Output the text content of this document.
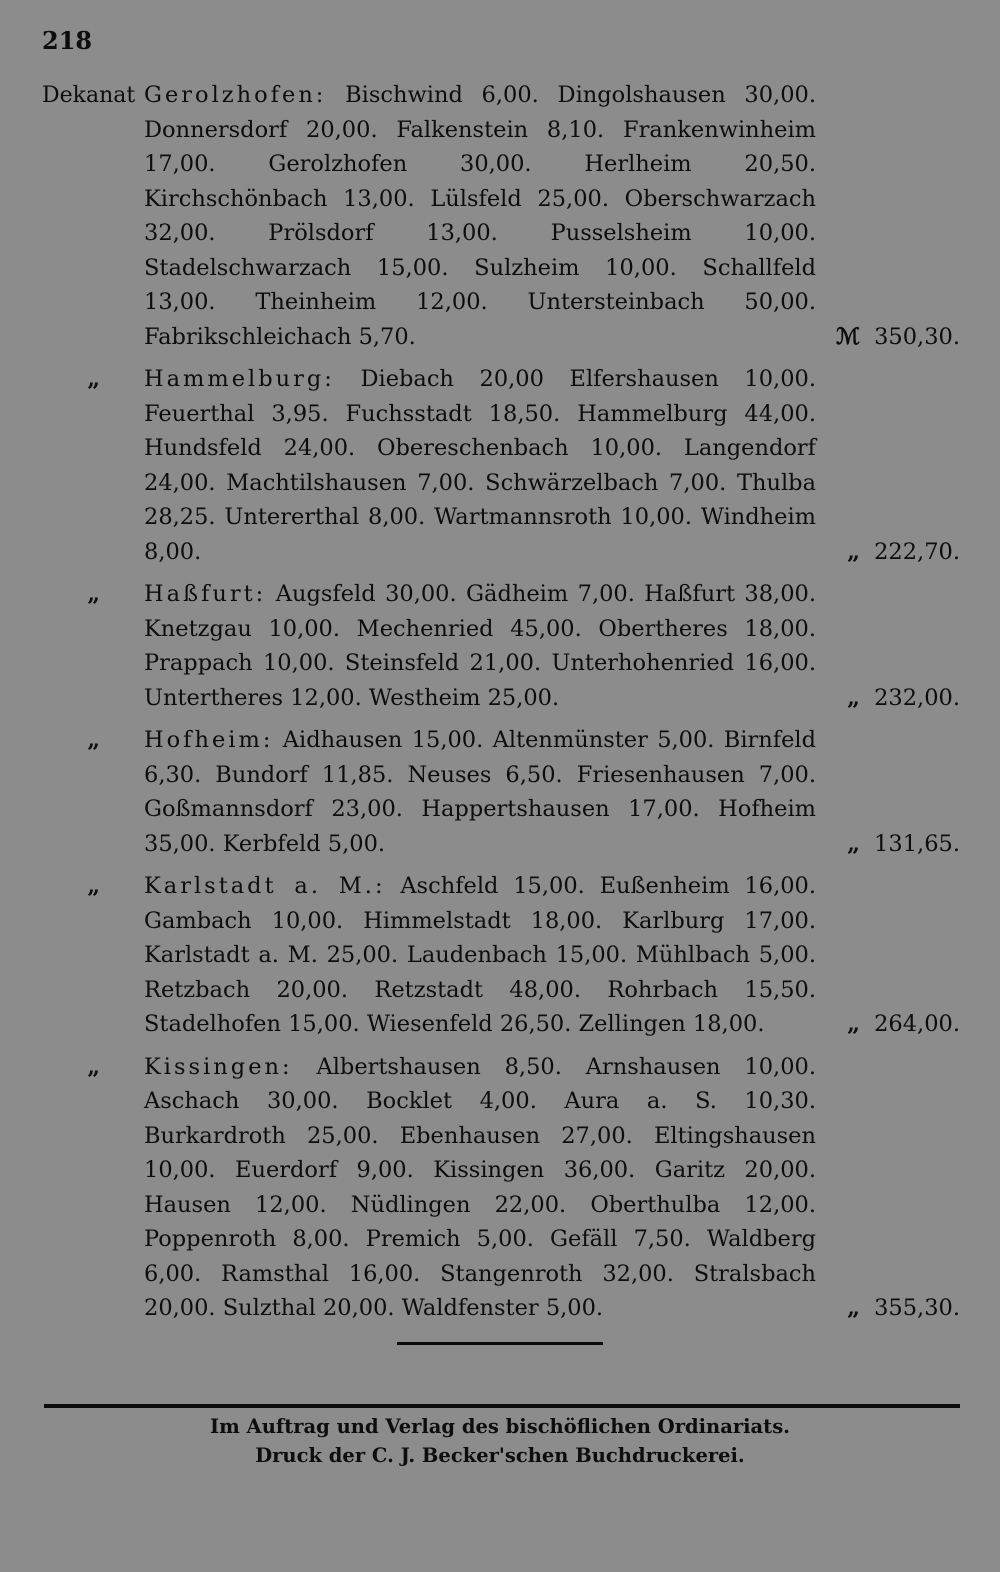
218
Dekanat Gerolzhofen: Bischwind 6,00. Dingolshausen 30,00. Donnersdorf 20,00. Falkenstein 8,10. Frankenwinheim 17,00. Gerolzhofen 30,00. Herlheim 20,50. Kirchschönbach 13,00. Lülsfeld 25,00. Oberschwarzach 32,00. Prölsdorf 13,00. Pusselsheim 10,00. Stadelschwarzach 15,00. Sulzheim 10,00. Schallfeld 13,00. Theinheim 12,00. Untersteinbach 50,00. Fabrikschleichach 5,70.	ℳ 350,30.
„	Hammelburg: Diebach 20,00 Elfershausen 10,00. Feuerthal 3,95. Fuchsstadt 18,50. Hammelburg 44,00. Hundsfeld 24,00. Obereschenbach 10,00. Langendorf 24,00. Machtilshausen 7,00. Schwärzelbach 7,00. Thulba 28,25. Untererthal 8,00. Wartmannsroth 10,00. Windheim 8,00.	„ 222,70.
„	Haßfurt: Augsfeld 30,00. Gädheim 7,00. Haßfurt 38,00. Knetzgau 10,00. Mechenried 45,00. Obertheres 18,00. Prappach 10,00. Steinsfeld 21,00. Unterhohenried 16,00. Untertheres 12,00. Westheim 25,00.	„ 232,00.
„	Hofheim: Aidhausen 15,00. Altenmünster 5,00. Birnfeld 6,30. Bundorf 11,85. Neuses 6,50. Friesenhausen 7,00. Goßmannsdorf 23,00. Happertshausen 17,00. Hofheim 35,00. Kerbfeld 5,00.	„ 131,65.
„	Karlstadt a. M.: Aschfeld 15,00. Eußenheim 16,00. Gambach 10,00. Himmelstadt 18,00. Karlburg 17,00. Karlstadt a. M. 25,00. Laudenbach 15,00. Mühlbach 5,00. Retzbach 20,00. Retzstadt 48,00. Rohrbach 15,50. Stadelhofen 15,00. Wiesenfeld 26,50. Zellingen 18,00.	„ 264,00.
„	Kissingen: Albertshausen 8,50. Arnshausen 10,00. Aschach 30,00. Bocklet 4,00. Aura a. S. 10,30. Burkardroth 25,00. Ebenhausen 27,00. Eltingshausen 10,00. Euerdorf 9,00. Kissingen 36,00. Garitz 20,00. Hausen 12,00. Nüdlingen 22,00. Oberthulba 12,00. Poppenroth 8,00. Premich 5,00. Gefäll 7,50. Waldberg 6,00. Ramsthal 16,00. Stangenroth 32,00. Stralsbach 20,00. Sulzthal 20,00. Waldfenster 5,00.	„ 355,30.
Im Auftrag und Verlag des bischöflichen Ordinariats.
Druck der C. J. Becker'schen Buchdruckerei.
